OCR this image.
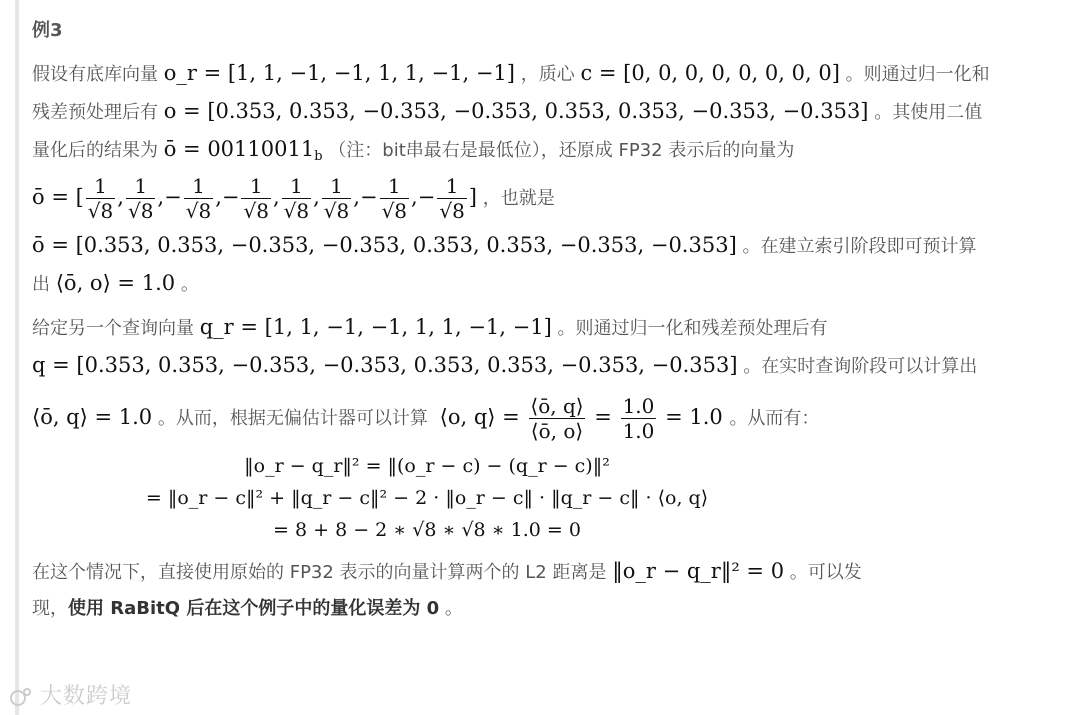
例3
假设有底库向量 o_r = [1, 1, −1, −1, 1, 1, −1, −1] ，质心 c = [0, 0, 0, 0, 0, 0, 0, 0] 。则通过归一化和
残差预处理后有 o = [0.353, 0.353, −0.353, −0.353, 0.353, 0.353, −0.353, −0.353] 。其使用二值
量化后的结果为 ō = $00110011_b$ （注：bit串最右是最低位），还原成 FP32 表示后的向量为
ō = [ $\frac{1}{√8}$ , $\frac{1}{√8}$ ,− $\frac{1}{√8}$ ,− $\frac{1}{√8}$ , $\frac{1}{√8}$ , $\frac{1}{√8}$ ,− $\frac{1}{√8}$ ,− $\frac{1}{√8}$ ] ，也就是
ō = [0.353, 0.353, −0.353, −0.353, 0.353, 0.353, −0.353, −0.353] 。在建立索引阶段即可预计算
出 ⟨ō, o⟩ = 1.0 。
给定另一个查询向量 q_r = [1, 1, −1, −1, 1, 1, −1, −1] 。则通过归一化和残差预处理后有
q = [0.353, 0.353, −0.353, −0.353, 0.353, 0.353, −0.353, −0.353] 。在实时查询阶段可以计算出
⟨ō, q⟩ = 1.0 。从而，根据无偏估计器可以计算 ⟨o, q⟩ = $\frac{⟨ō, q⟩}{⟨ō, o⟩} = \frac{1.0}{1.0} = 1.0$ 。从而有：
‖o_r − q_r‖² = ‖(o_r − c) − (q_r − c)‖²
= ‖o_r − c‖² + ‖q_r − c‖² − 2 · ‖o_r − c‖ · ‖q_r − c‖ · ⟨o, q⟩
= 8 + 8 − 2 ∗ √8 ∗ √8 ∗ 1.0 = 0
在这个情况下，直接使用原始的 FP32 表示的向量计算两个的 L2 距离是 ‖o_r − q_r‖² = 0 。可以发
现，使用 RaBitQ 后在这个例子中的量化误差为 0 。
大数跨境
